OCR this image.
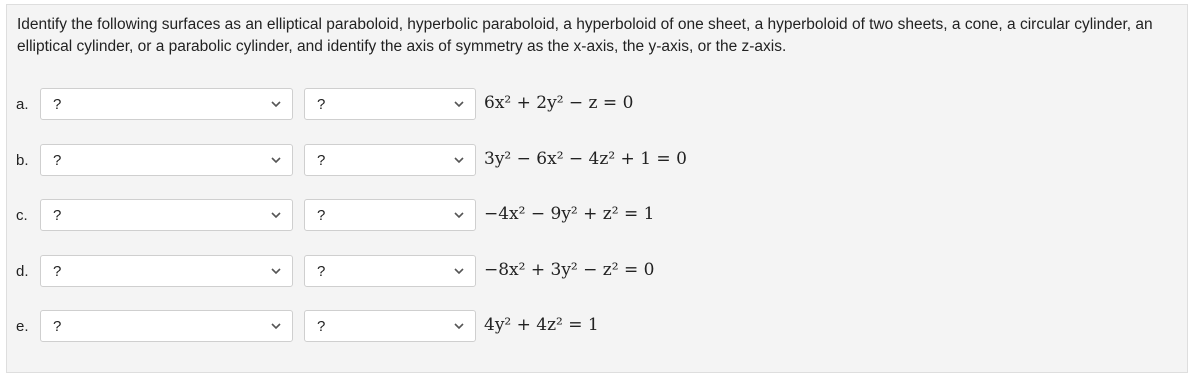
Identify the following surfaces as an elliptical paraboloid, hyperbolic paraboloid, a hyperboloid of one sheet, a hyperboloid of two sheets, a cone, a circular cylinder, an elliptical cylinder, or a parabolic cylinder, and identify the axis of symmetry as the x-axis, the y-axis, or the z-axis.

a. ?	?	6x² + 2y² − z = 0
b. ?	?	3y² − 6x² − 4z² + 1 = 0
c. ?	?	−4x² − 9y² + z² = 1
d. ?	?	−8x² + 3y² − z² = 0
e. ?	?	4y² + 4z² = 1
